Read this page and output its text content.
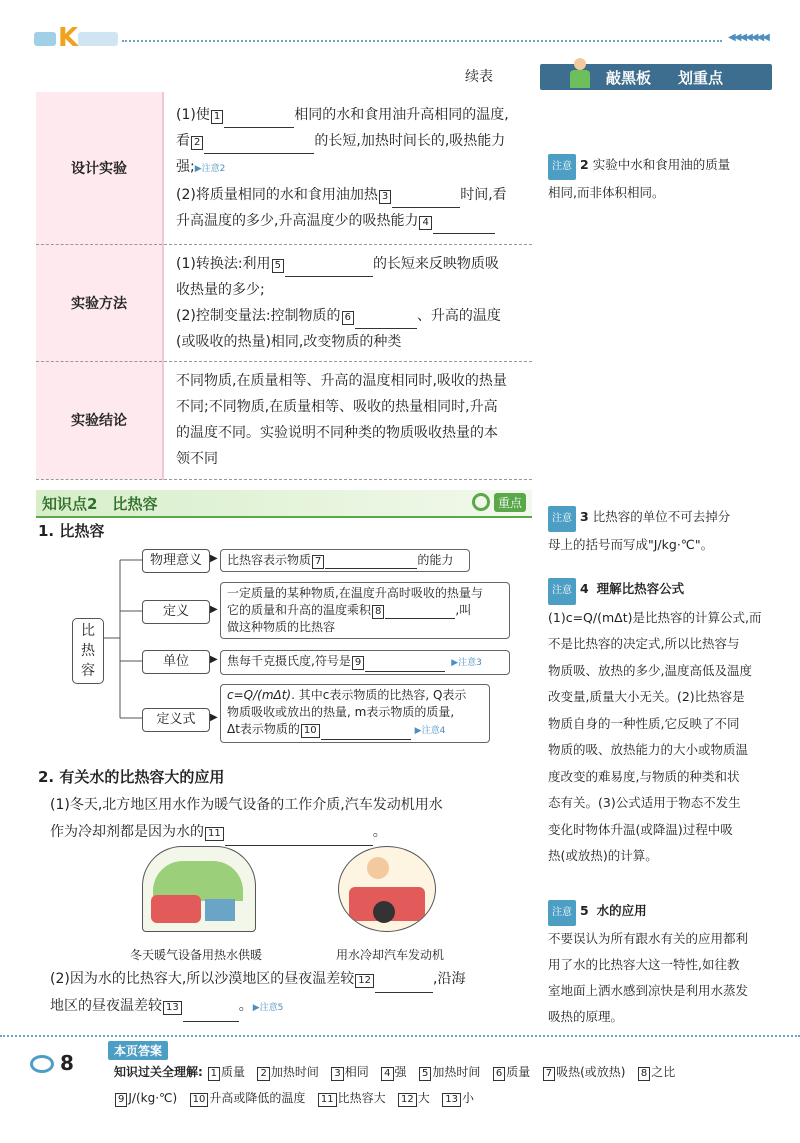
K	◀◀◀◀◀◀◀
续表	敲黑板 划重点
设计实验	(1)使 1 相同的水和食用油升高相同的温度,
看 2 的长短,加热时间长的,吸热能力
强;▶注意2
(2)将质量相同的水和食用油加热 3 时间,看
升高温度的多少,升高温度少的吸热能力 4

实验方法	(1)转换法:利用 5 的长短来反映物质吸
收热量的多少;
(2)控制变量法:控制物质的 6 、升高的温度
(或吸收的热量)相同,改变物质的种类

实验结论	不同物质,在质量相等、升高的温度相同时,吸收的热量
不同;不同物质,在质量相等、吸收的热量相同时,升高
的温度不同。实验说明不同种类的物质吸收热量的本
领不同
知识点2　比热容	重点
1. 比热容
比热容
物理意义 ▶ 比热容表示物质 7	的能力
定义	▶
一定质量的某种物质,在温度升高时吸收的热量与
它的质量和升高的温度乘积 8	,叫
做这种物质的比热容
单位	▶ 焦每千克摄氏度,符号是 9	▶注意3
定义式	▶
c=Q/(mΔt). 其中c表示物质的比热容, Q表示
物质吸收或放出的热量, m表示物质的质量,
Δt表示物质的 10	▶注意4
2. 有关水的比热容大的应用
(1)冬天,北方地区用水作为暖气设备的工作介质,汽车发动机用水
作为冷却剂都是因为水的 11	。
冬天暖气设备用热水供暖	用水冷却汽车发动机
(2)因为水的比热容大,所以沙漠地区的昼夜温差较 12	,沿海
地区的昼夜温差较 13	。▶注意5
注意 2 实验中水和食用油的质量
相同,而非体积相同。
注意 3 比热容的单位不可去掉分
母上的括号而写成"J/kg·℃"。
注意 4 理解比热容公式
(1)c=Q/(mΔt)是比热容的计算公式,而
不是比热容的决定式,所以比热容与
物质吸、放热的多少,温度高低及温度
改变量,质量大小无关。(2)比热容是
物质自身的一种性质,它反映了不同
物质的吸、放热能力的大小或物质温
度改变的难易度,与物质的种类和状
态有关。(3)公式适用于物态不发生
变化时物体升温(或降温)过程中吸
热(或放热)的计算。
注意 5 水的应用
不要误认为所有跟水有关的应用都利
用了水的比热容大这一特性,如往教
室地面上洒水感到凉快是利用水蒸发
吸热的原理。
8	本页答案
知识过关全理解: 1 质量 2 加热时间 3 相同 4 强 5 加热时间 6 质量 7 吸热(或放热) 8 之比
9 J/(kg·℃) 10 升高或降低的温度 11 比热容大 12 大 13 小
